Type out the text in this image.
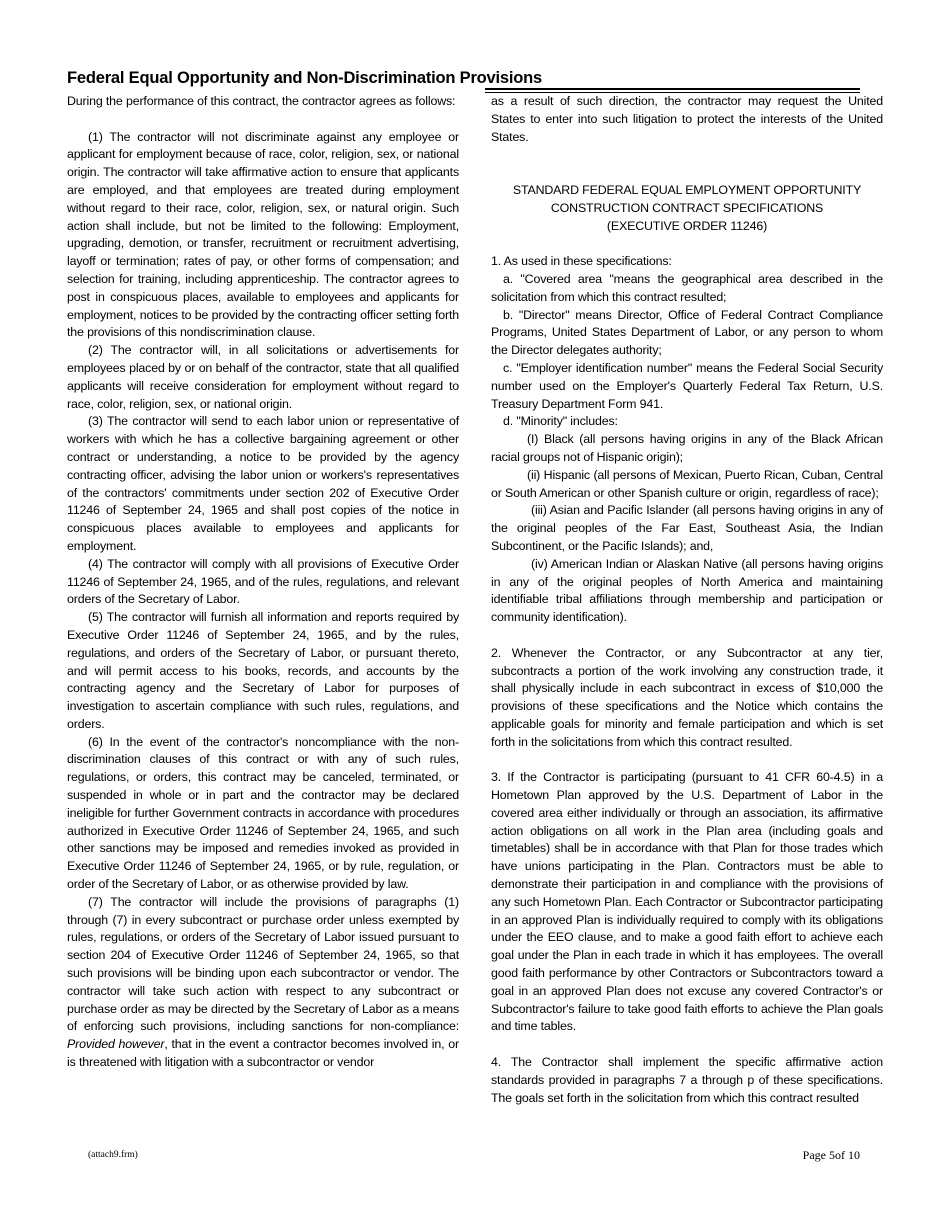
Federal Equal Opportunity and Non-Discrimination Provisions

During the performance of this contract, the contractor agrees as follows:

(1) The contractor will not discriminate against any employee or applicant for employment because of race, color, religion, sex, or national origin. The contractor will take affirmative action to ensure that applicants are employed, and that employees are treated during employment without regard to their race, color, religion, sex, or natural origin. Such action shall include, but not be limited to the following: Employment, upgrading, demotion, or transfer, recruitment or recruitment advertising, layoff or termination; rates of pay, or other forms of compensation; and selection for training, including apprenticeship. The contractor agrees to post in conspicuous places, available to employees and applicants for employment, notices to be provided by the contracting officer setting forth the provisions of this nondiscrimination clause.

(2) The contractor will, in all solicitations or advertisements for employees placed by or on behalf of the contractor, state that all qualified applicants will receive consideration for employment without regard to race, color, religion, sex, or national origin.

(3) The contractor will send to each labor union or representative of workers with which he has a collective bargaining agreement or other contract or understanding, a notice to be provided by the agency contracting officer, advising the labor union or workers's representatives of the contractors' commitments under section 202 of Executive Order 11246 of September 24, 1965 and shall post copies of the notice in conspicuous places available to employees and applicants for employment.

(4) The contractor will comply with all provisions of Executive Order 11246 of September 24, 1965, and of the rules, regulations, and relevant orders of the Secretary of Labor.

(5) The contractor will furnish all information and reports required by Executive Order 11246 of September 24, 1965, and by the rules, regulations, and orders of the Secretary of Labor, or pursuant thereto, and will permit access to his books, records, and accounts by the contracting agency and the Secretary of Labor for purposes of investigation to ascertain compliance with such rules, regulations, and orders.

(6) In the event of the contractor's noncompliance with the non-discrimination clauses of this contract or with any of such rules, regulations, or orders, this contract may be canceled, terminated, or suspended in whole or in part and the contractor may be declared ineligible for further Government contracts in accordance with procedures authorized in Executive Order 11246 of September 24, 1965, and such other sanctions may be imposed and remedies invoked as provided in Executive Order 11246 of September 24, 1965, or by rule, regulation, or order of the Secretary of Labor, or as otherwise provided by law.

(7) The contractor will include the provisions of paragraphs (1) through (7) in every subcontract or purchase order unless exempted by rules, regulations, or orders of the Secretary of Labor issued pursuant to section 204 of Executive Order 11246 of September 24, 1965, so that such provisions will be binding upon each subcontractor or vendor. The contractor will take such action with respect to any subcontract or purchase order as may be directed by the Secretary of Labor as a means of enforcing such provisions, including sanctions for non-compliance: Provided however, that in the event a contractor becomes involved in, or is threatened with litigation with a subcontractor or vendor

as a result of such direction, the contractor may request the United States to enter into such litigation to protect the interests of the United States.

STANDARD FEDERAL EQUAL EMPLOYMENT OPPORTUNITY

CONSTRUCTION CONTRACT SPECIFICATIONS

(EXECUTIVE ORDER 11246)

1. As used in these specifications:

a. "Covered area "means the geographical area described in the solicitation from which this contract resulted;

b. "Director" means Director, Office of Federal Contract Compliance Programs, United States Department of Labor, or any person to whom the Director delegates authority;

c. "Employer identification number" means the Federal Social Security number used on the Employer's Quarterly Federal Tax Return, U.S. Treasury Department Form 941.

d. "Minority" includes:

(I) Black (all persons having origins in any of the Black African racial groups not of Hispanic origin);

(ii) Hispanic (all persons of Mexican, Puerto Rican, Cuban, Central or South American or other Spanish culture or origin, regardless of race);

(iii) Asian and Pacific Islander (all persons having origins in any of the original peoples of the Far East, Southeast Asia, the Indian Subcontinent, or the Pacific Islands); and,

(iv) American Indian or Alaskan Native (all persons having origins in any of the original peoples of North America and maintaining identifiable tribal affiliations through membership and participation or community identification).

2. Whenever the Contractor, or any Subcontractor at any tier, subcontracts a portion of the work involving any construction trade, it shall physically include in each subcontract in excess of $10,000 the provisions of these specifications and the Notice which contains the applicable goals for minority and female participation and which is set forth in the solicitations from which this contract resulted.

3. If the Contractor is participating (pursuant to 41 CFR 60-4.5) in a Hometown Plan approved by the U.S. Department of Labor in the covered area either individually or through an association, its affirmative action obligations on all work in the Plan area (including goals and timetables) shall be in accordance with that Plan for those trades which have unions participating in the Plan. Contractors must be able to demonstrate their participation in and compliance with the provisions of any such Hometown Plan. Each Contractor or Subcontractor participating in an approved Plan is individually required to comply with its obligations under the EEO clause, and to make a good faith effort to achieve each goal under the Plan in each trade in which it has employees. The overall good faith performance by other Contractors or Subcontractors toward a goal in an approved Plan does not excuse any covered Contractor's or Subcontractor's failure to take good faith efforts to achieve the Plan goals and time tables.

4. The Contractor shall implement the specific affirmative action standards provided in paragraphs 7 a through p of these specifications. The goals set forth in the solicitation from which this contract resulted

(attach9.frm)	Page 5of 10
